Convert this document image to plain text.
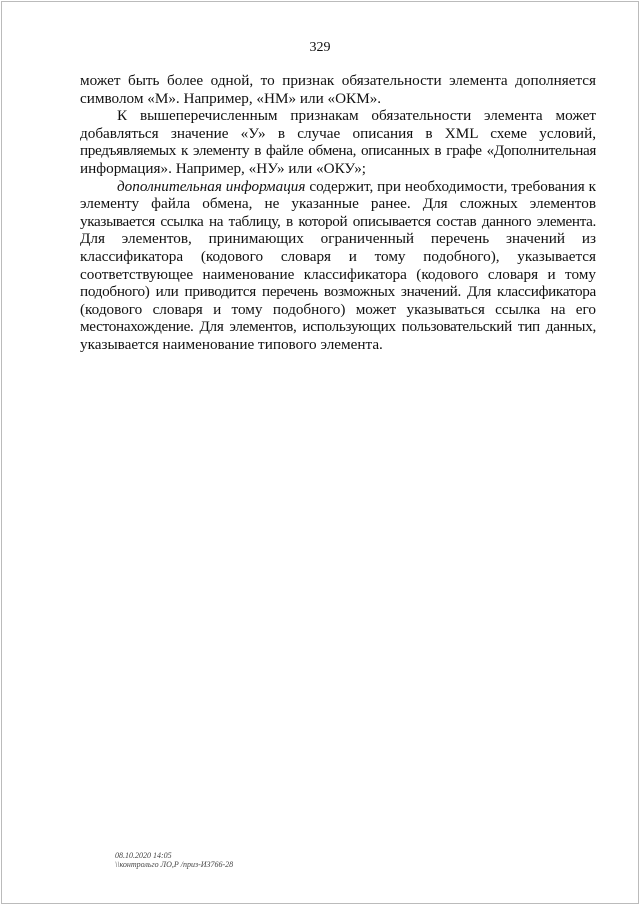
329
может быть более одной, то признак обязательности элемента дополняется
символом «М». Например, «НМ» или «ОКМ».
К вышеперечисленным признакам обязательности элемента может
добавляться значение «У» в случае описания в XML схеме условий,
предъявляемых к элементу в файле обмена, описанных в графе «Дополнительная
информация». Например, «НУ» или «ОКУ»;
дополнительная информация содержит, при необходимости, требования к
элементу файла обмена, не указанные ранее. Для сложных элементов
указывается ссылка на таблицу, в которой описывается состав данного элемента.
Для элементов, принимающих ограниченный перечень значений из
классификатора (кодового словаря и тому подобного), указывается
соответствующее наименование классификатора (кодового словаря и тому
подобного) или приводится перечень возможных значений. Для классификатора
(кодового словаря и тому подобного) может указываться ссылка на его
местонахождение. Для элементов, использующих пользовательский тип данных,
указывается наименование типового элемента.
08.10.2020 14:05
\\контрольго ЛО,Р /приз-ИЗ766-28
